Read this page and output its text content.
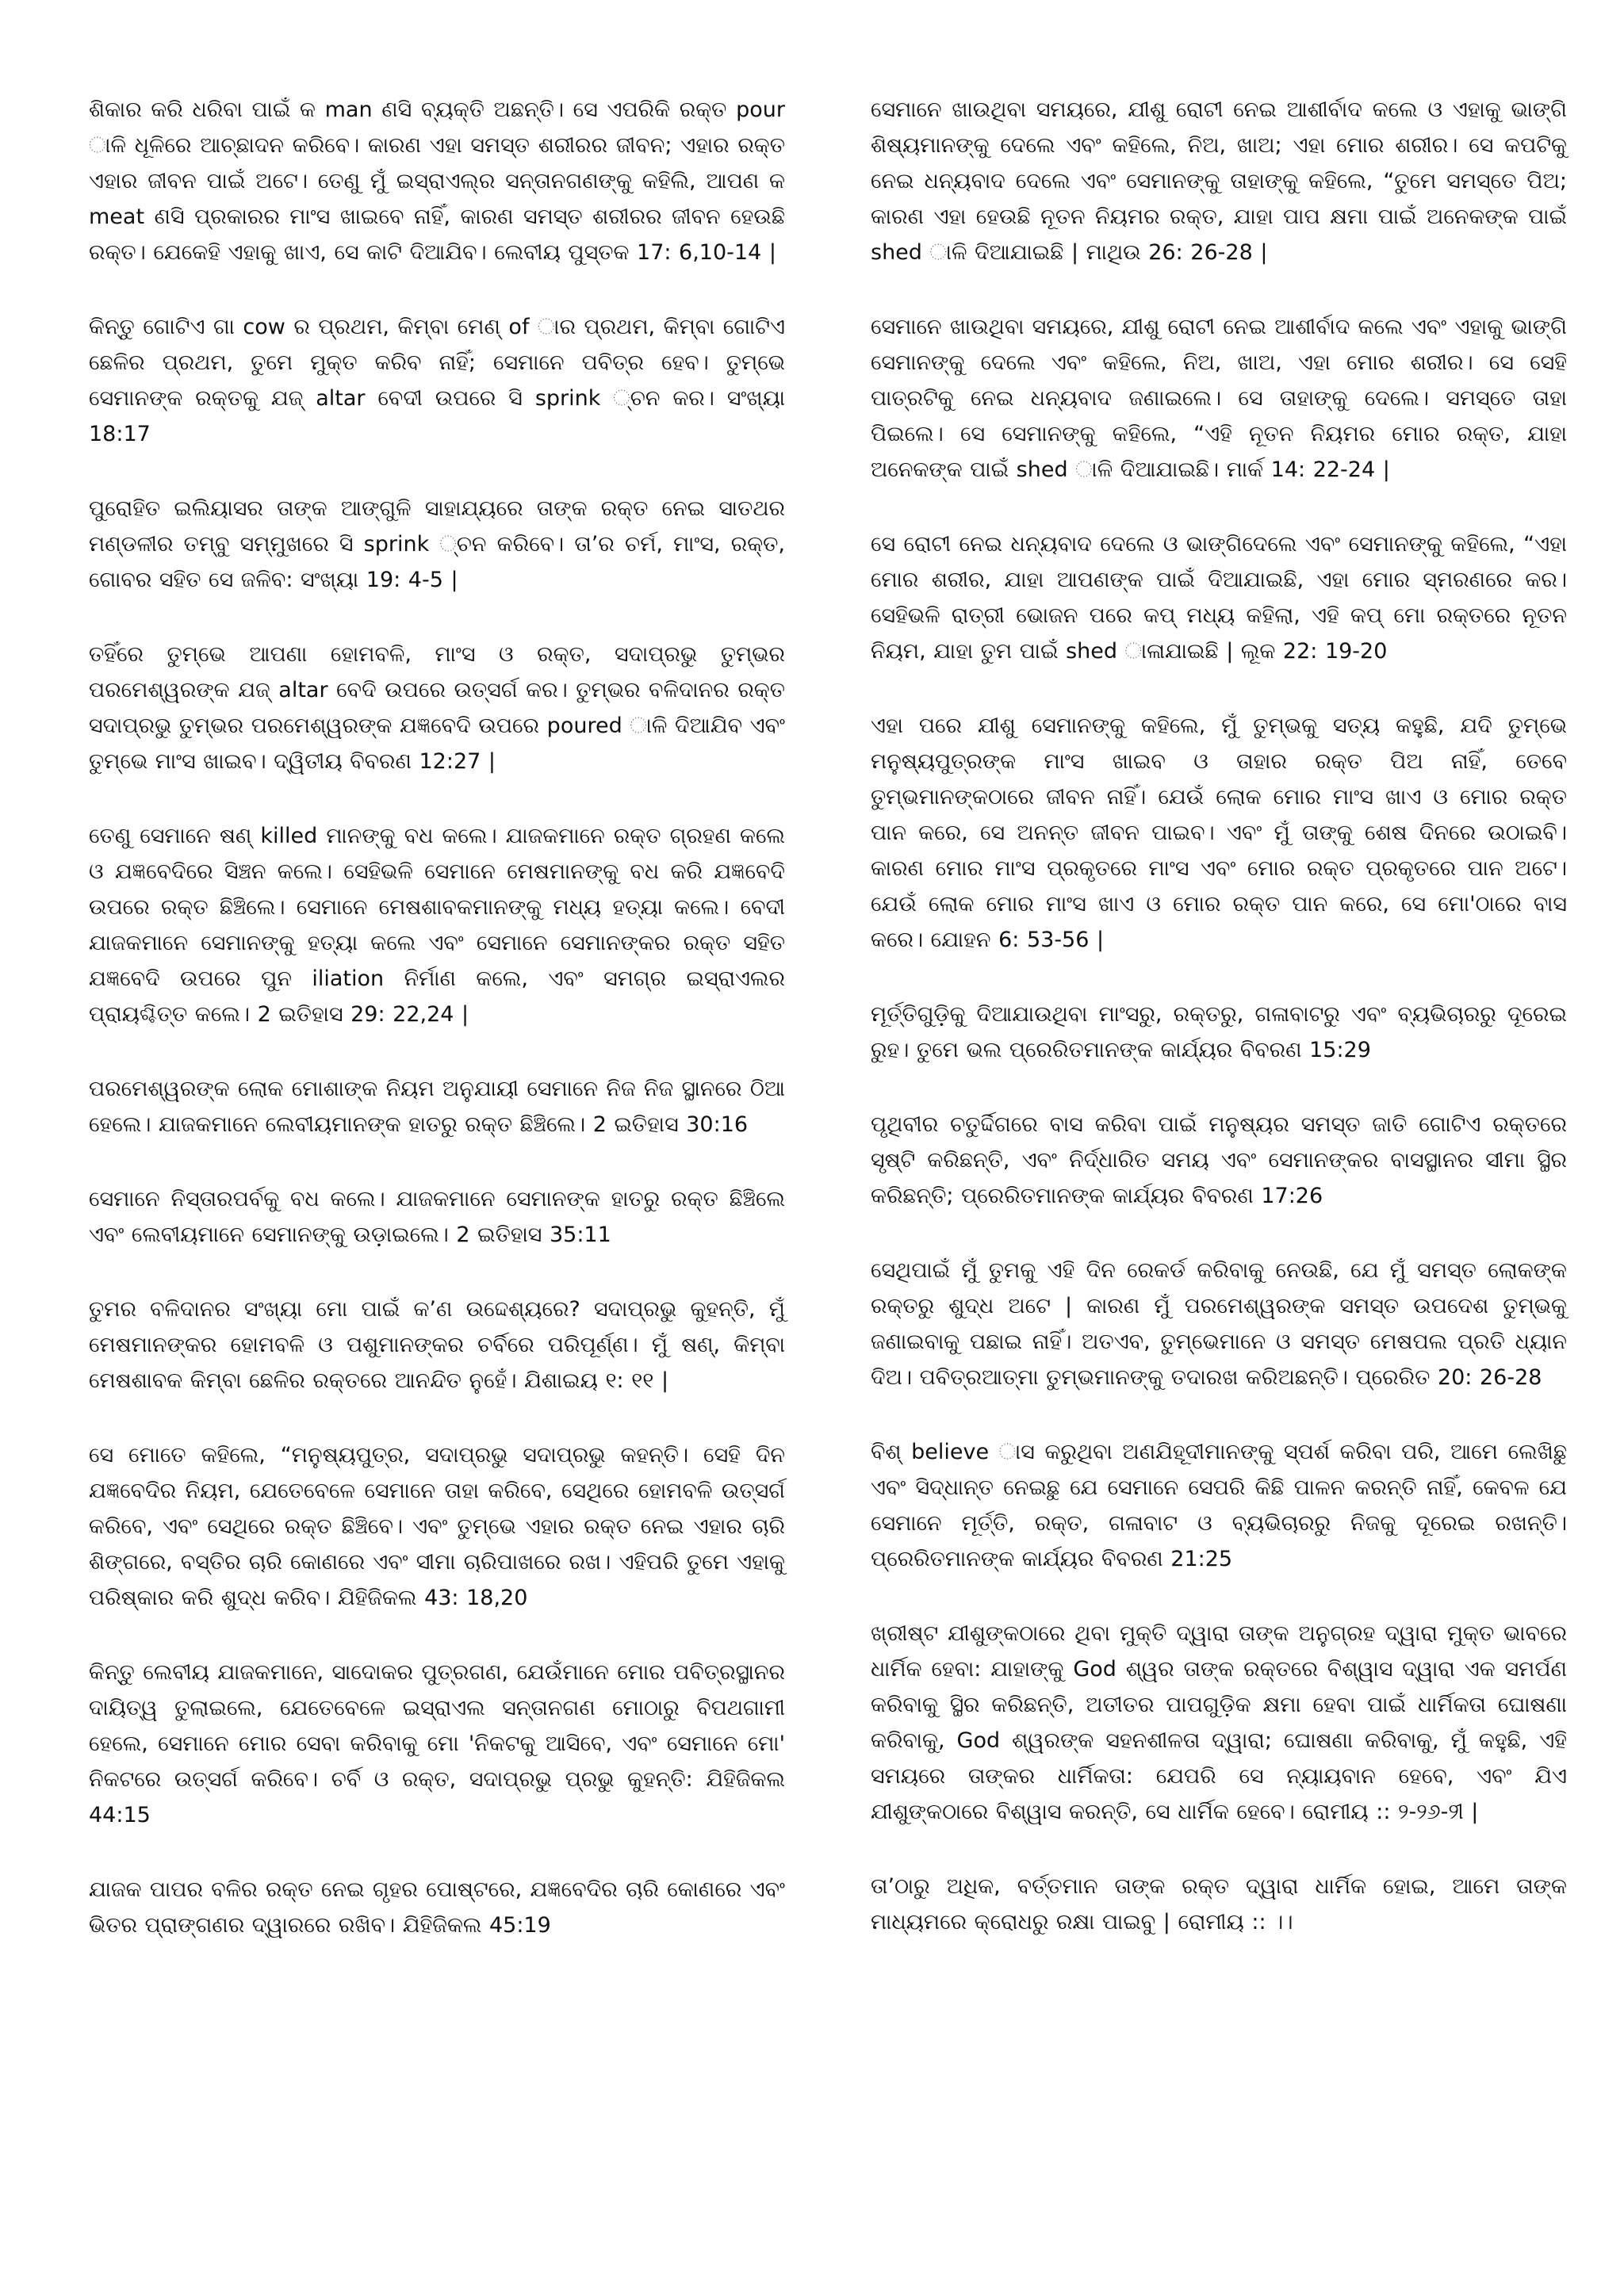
ଶିକାର କରି ଧରିବା ପାଇଁ କ man ଣସି ବ୍ୟକ୍ତି ଅଛନ୍ତି। ସେ ଏପରିକି ରକ୍ତ pour ାଳି ଧୂଳିରେ ଆଚ୍ଛାଦନ କରିବେ। କାରଣ ଏହା ସମସ୍ତ ଶରୀରର ଜୀବନ; ଏହାର ରକ୍ତ ଏହାର ଜୀବନ ପାଇଁ ଅଟେ। ତେଣୁ ମୁଁ ଇସ୍ରାଏଲ୍ର ସନ୍ତାନଗଣଙ୍କୁ କହିଲି, ଆପଣ କ meat ଣସି ପ୍ରକାରର ମାଂସ ଖାଇବେ ନାହିଁ, କାରଣ ସମସ୍ତ ଶରୀରର ଜୀବନ ହେଉଛି ରକ୍ତ। ଯେକେହି ଏହାକୁ ଖାଏ, ସେ କାଟି ଦିଆଯିବ। ଲେବୀୟ ପୁସ୍ତକ 17: 6,10-14 |

କିନ୍ତୁ ଗୋଟିଏ ଗା cow ର ପ୍ରଥମ, କିମ୍ବା ମେଣ୍ of ାର ପ୍ରଥମ, କିମ୍ବା ଗୋଟିଏ ଛେଳିର ପ୍ରଥମ, ତୁମେ ମୁକ୍ତ କରିବ ନାହିଁ; ସେମାନେ ପବିତ୍ର ହେବ। ତୁମ୍ଭେ ସେମାନଙ୍କ ରକ୍ତକୁ ଯଜ୍ altar ବେଦୀ ଉପରେ ସି sprink ୍ଚନ କର। ସଂଖ୍ୟା 18:17

ପୁରୋହିତ ଇଲିୟାସର ତାଙ୍କ ଆଙ୍ଗୁଳି ସାହାଯ୍ୟରେ ତାଙ୍କ ରକ୍ତ ନେଇ ସାତଥର ମଣ୍ଡଳୀର ତମ୍ବୁ ସମ୍ମୁଖରେ ସି sprink ୍ଚନ କରିବେ। ତା’ର ଚର୍ମ, ମାଂସ, ରକ୍ତ, ଗୋବର ସହିତ ସେ ଜଳିବ: ସଂଖ୍ୟା 19: 4-5 |

ତହିଁରେ ତୁମ୍ଭେ ଆପଣା ହୋମବଳି, ମାଂସ ଓ ରକ୍ତ, ସଦାପ୍ରଭୁ ତୁମ୍ଭର ପରମେଶ୍ୱରଙ୍କ ଯଜ୍ altar ବେଦି ଉପରେ ଉତ୍ସର୍ଗ କର। ତୁମ୍ଭର ବଳିଦାନର ରକ୍ତ ସଦାପ୍ରଭୁ ତୁମ୍ଭର ପରମେଶ୍ୱରଙ୍କ ଯଜ୍ଞବେଦି ଉପରେ poured ାଳି ଦିଆଯିବ ଏବଂ ତୁମ୍ଭେ ମାଂସ ଖାଇବ। ଦ୍ୱିତୀୟ ବିବରଣ 12:27 |

ତେଣୁ ସେମାନେ ଷଣ୍ killed ମାନଙ୍କୁ ବଧ କଲେ। ଯାଜକମାନେ ରକ୍ତ ଗ୍ରହଣ କଲେ ଓ ଯଜ୍ଞବେଦିରେ ସିଞ୍ଚନ କଲେ। ସେହିଭଳି ସେମାନେ ମେଷମାନଙ୍କୁ ବଧ କରି ଯଜ୍ଞବେଦି ଉପରେ ରକ୍ତ ଛିଞ୍ଚିଲେ। ସେମାନେ ମେଷଶାବକମାନଙ୍କୁ ମଧ୍ୟ ହତ୍ୟା କଲେ। ବେଦୀ ଯାଜକମାନେ ସେମାନଙ୍କୁ ହତ୍ୟା କଲେ ଏବଂ ସେମାନେ ସେମାନଙ୍କର ରକ୍ତ ସହିତ ଯଜ୍ଞବେଦି ଉପରେ ପୁନ iliation ନିର୍ମାଣ କଲେ, ଏବଂ ସମଗ୍ର ଇସ୍ରାଏଲର ପ୍ରାୟଶ୍ଚିତ୍ତ କଲେ। 2 ଇତିହାସ 29: 22,24 |

ପରମେଶ୍ୱରଙ୍କ ଲୋକ ମୋଶାଙ୍କ ନିୟମ ଅନୁଯାୟୀ ସେମାନେ ନିଜ ନିଜ ସ୍ଥାନରେ ଠିଆ ହେଲେ। ଯାଜକମାନେ ଲେବୀୟମାନଙ୍କ ହାତରୁ ରକ୍ତ ଛିଞ୍ଚିଲେ। 2 ଇତିହାସ 30:16

ସେମାନେ ନିସ୍ତାରପର୍ବକୁ ବଧ କଲେ। ଯାଜକମାନେ ସେମାନଙ୍କ ହାତରୁ ରକ୍ତ ଛିଞ୍ଚିଲେ ଏବଂ ଲେବୀୟମାନେ ସେମାନଙ୍କୁ ଉଡ଼ାଇଲେ। 2 ଇତିହାସ 35:11

ତୁମର ବଳିଦାନର ସଂଖ୍ୟା ମୋ ପାଇଁ କ’ଣ ଉଦ୍ଦେଶ୍ୟରେ? ସଦାପ୍ରଭୁ କୁହନ୍ତି, ମୁଁ ମେଷମାନଙ୍କର ହୋମବଳି ଓ ପଶୁମାନଙ୍କର ଚର୍ବିରେ ପରିପୂର୍ଣ୍ଣ। ମୁଁ ଷଣ୍, କିମ୍ବା ମେଷଶାବକ କିମ୍ବା ଛେଳିର ରକ୍ତରେ ଆନନ୍ଦିତ ନୁହେଁ। ଯିଶାଇୟ ୧: ୧୧ |

ସେ ମୋତେ କହିଲେ, “ମନୁଷ୍ୟପୁତ୍ର, ସଦାପ୍ରଭୁ ସଦାପ୍ରଭୁ କହନ୍ତି। ସେହି ଦିନ ଯଜ୍ଞବେଦିର ନିୟମ, ଯେତେବେଳେ ସେମାନେ ତାହା କରିବେ, ସେଥିରେ ହୋମବଳି ଉତ୍ସର୍ଗ କରିବେ, ଏବଂ ସେଥିରେ ରକ୍ତ ଛିଞ୍ଚିବେ। ଏବଂ ତୁମ୍ଭେ ଏହାର ରକ୍ତ ନେଇ ଏହାର ଚାରି ଶିଙ୍ଗରେ, ବସ୍ତିର ଚାରି କୋଣରେ ଏବଂ ସୀମା ଚାରିପାଖରେ ରଖ। ଏହିପରି ତୁମେ ଏହାକୁ ପରିଷ୍କାର କରି ଶୁଦ୍ଧ କରିବ। ଯିହିଜିକଲ 43: 18,20

କିନ୍ତୁ ଲେବୀୟ ଯାଜକମାନେ, ସାଦୋକର ପୁତ୍ରଗଣ, ଯେଉଁମାନେ ମୋର ପବିତ୍ରସ୍ଥାନର ଦାୟିତ୍ୱ ତୁଲାଇଲେ, ଯେତେବେଳେ ଇସ୍ରାଏଲ ସନ୍ତାନଗଣ ମୋଠାରୁ ବିପଥଗାମୀ ହେଲେ, ସେମାନେ ମୋର ସେବା କରିବାକୁ ମୋ 'ନିକଟକୁ ଆସିବେ, ଏବଂ ସେମାନେ ମୋ' ନିକଟରେ ଉତ୍ସର୍ଗ କରିବେ। ଚର୍ବି ଓ ରକ୍ତ, ସଦାପ୍ରଭୁ ପ୍ରଭୁ କୁହନ୍ତି: ଯିହିଜିକଲ 44:15

ଯାଜକ ପାପର ବଳିର ରକ୍ତ ନେଇ ଗୃହର ପୋଷ୍ଟରେ, ଯଜ୍ଞବେଦିର ଚାରି କୋଣରେ ଏବଂ ଭିତର ପ୍ରାଙ୍ଗଣର ଦ୍ୱାରରେ ରଖିବ। ଯିହିଜିକଲ 45:19

ସେମାନେ ଖାଉଥିବା ସମୟରେ, ଯୀଶୁ ରୋଟୀ ନେଇ ଆଶୀର୍ବାଦ କଲେ ଓ ଏହାକୁ ଭାଙ୍ଗି ଶିଷ୍ୟମାନଙ୍କୁ ଦେଲେ ଏବଂ କହିଲେ, ନିଅ, ଖାଅ; ଏହା ମୋର ଶରୀର। ସେ କପଟିକୁ ନେଇ ଧନ୍ୟବାଦ ଦେଲେ ଏବଂ ସେମାନଙ୍କୁ ତାହାଙ୍କୁ କହିଲେ, “ତୁମେ ସମସ୍ତେ ପିଅ; କାରଣ ଏହା ହେଉଛି ନୂତନ ନିୟମର ରକ୍ତ, ଯାହା ପାପ କ୍ଷମା ପାଇଁ ଅନେକଙ୍କ ପାଇଁ shed ାଳି ଦିଆଯାଇଛି | ମାଥିଉ 26: 26-28 |

ସେମାନେ ଖାଉଥିବା ସମୟରେ, ଯୀଶୁ ରୋଟୀ ନେଇ ଆଶୀର୍ବାଦ କଲେ ଏବଂ ଏହାକୁ ଭାଙ୍ଗି ସେମାନଙ୍କୁ ଦେଲେ ଏବଂ କହିଲେ, ନିଅ, ଖାଅ, ଏହା ମୋର ଶରୀର। ସେ ସେହି ପାତ୍ରଟିକୁ ନେଇ ଧନ୍ୟବାଦ ଜଣାଇଲେ। ସେ ତାହାଙ୍କୁ ଦେଲେ। ସମସ୍ତେ ତାହା ପିଇଲେ। ସେ ସେମାନଙ୍କୁ କହିଲେ, “ଏହି ନୂତନ ନିୟମର ମୋର ରକ୍ତ, ଯାହା ଅନେକଙ୍କ ପାଇଁ shed ାଳି ଦିଆଯାଇଛି। ମାର୍କ 14: 22-24 |

ସେ ରୋଟୀ ନେଇ ଧନ୍ୟବାଦ ଦେଲେ ଓ ଭାଙ୍ଗିଦେଲେ ଏବଂ ସେମାନଙ୍କୁ କହିଲେ, “ଏହା ମୋର ଶରୀର, ଯାହା ଆପଣଙ୍କ ପାଇଁ ଦିଆଯାଇଛି, ଏହା ମୋର ସ୍ମରଣରେ କର। ସେହିଭଳି ରାତ୍ରୀ ଭୋଜନ ପରେ କପ୍ ମଧ୍ୟ କହିଲା, ଏହି କପ୍ ମୋ ରକ୍ତରେ ନୂତନ ନିୟମ, ଯାହା ତୁମ ପାଇଁ shed ାଳାଯାଇଛି | ଲୂକ 22: 19-20

ଏହା ପରେ ଯୀଶୁ ସେମାନଙ୍କୁ କହିଲେ, ମୁଁ ତୁମ୍ଭକୁ ସତ୍ୟ କହୁଛି, ଯଦି ତୁମ୍ଭେ ମନୁଷ୍ୟପୁତ୍ରଙ୍କ ମାଂସ ଖାଇବ ଓ ତାହାର ରକ୍ତ ପିଅ ନାହିଁ, ତେବେ ତୁମ୍ଭମାନଙ୍କଠାରେ ଜୀବନ ନାହିଁ। ଯେଉଁ ଲୋକ ମୋର ମାଂସ ଖାଏ ଓ ମୋର ରକ୍ତ ପାନ କରେ, ସେ ଅନନ୍ତ ଜୀବନ ପାଇବ। ଏବଂ ମୁଁ ତାଙ୍କୁ ଶେଷ ଦିନରେ ଉଠାଇବି। କାରଣ ମୋର ମାଂସ ପ୍ରକୃତରେ ମାଂସ ଏବଂ ମୋର ରକ୍ତ ପ୍ରକୃତରେ ପାନ ଅଟେ। ଯେଉଁ ଲୋକ ମୋର ମାଂସ ଖାଏ ଓ ମୋର ରକ୍ତ ପାନ କରେ, ସେ ମୋ'ଠାରେ ବାସ କରେ। ଯୋହନ 6: 53-56 |

ମୂର୍ତ୍ତିଗୁଡ଼ିକୁ ଦିଆଯାଉଥିବା ମାଂସରୁ, ରକ୍ତରୁ, ଗଳାବାଟରୁ ଏବଂ ବ୍ୟଭିଚାରରୁ ଦୂରେଇ ରୁହ। ତୁମେ ଭଲ ପ୍ରେରିତମାନଙ୍କ କାର୍ଯ୍ୟର ବିବରଣ 15:29

ପୃଥିବୀର ଚତୁର୍ଦ୍ଦିଗରେ ବାସ କରିବା ପାଇଁ ମନୁଷ୍ୟର ସମସ୍ତ ଜାତି ଗୋଟିଏ ରକ୍ତରେ ସୃଷ୍ଟି କରିଛନ୍ତି, ଏବଂ ନିର୍ଦ୍ଧାରିତ ସମୟ ଏବଂ ସେମାନଙ୍କର ବାସସ୍ଥାନର ସୀମା ସ୍ଥିର କରିଛନ୍ତି; ପ୍ରେରିତମାନଙ୍କ କାର୍ଯ୍ୟର ବିବରଣ 17:26

ସେଥିପାଇଁ ମୁଁ ତୁମକୁ ଏହି ଦିନ ରେକର୍ଡ କରିବାକୁ ନେଉଛି, ଯେ ମୁଁ ସମସ୍ତ ଲୋକଙ୍କ ରକ୍ତରୁ ଶୁଦ୍ଧ ଅଟେ | କାରଣ ମୁଁ ପରମେଶ୍ୱରଙ୍କ ସମସ୍ତ ଉପଦେଶ ତୁମ୍ଭକୁ ଜଣାଇବାକୁ ପଛାଇ ନାହିଁ। ଅତଏବ, ତୁମ୍ଭେମାନେ ଓ ସମସ୍ତ ମେଷପଲ ପ୍ରତି ଧ୍ୟାନ ଦିଅ। ପବିତ୍ରଆତ୍ମା ତୁମ୍ଭମାନଙ୍କୁ ତଦାରଖ କରିଅଛନ୍ତି। ପ୍ରେରିତ 20: 26-28

ବିଶ୍ believe ାସ କରୁଥିବା ଅଣଯିହୂଦୀମାନଙ୍କୁ ସ୍ପର୍ଶ କରିବା ପରି, ଆମେ ଲେଖିଛୁ ଏବଂ ସିଦ୍ଧାନ୍ତ ନେଇଛୁ ଯେ ସେମାନେ ସେପରି କିଛି ପାଳନ କରନ୍ତି ନାହିଁ, କେବଳ ଯେ ସେମାନେ ମୂର୍ତ୍ତି, ରକ୍ତ, ଗଳାବାଟ ଓ ବ୍ୟଭିଚାରରୁ ନିଜକୁ ଦୂରେଇ ରଖନ୍ତି। ପ୍ରେରିତମାନଙ୍କ କାର୍ଯ୍ୟର ବିବରଣ 21:25

ଖ୍ରୀଷ୍ଟ ଯୀଶୁଙ୍କଠାରେ ଥିବା ମୁକ୍ତି ଦ୍ୱାରା ତାଙ୍କ ଅନୁଗ୍ରହ ଦ୍ୱାରା ମୁକ୍ତ ଭାବରେ ଧାର୍ମିକ ହେବା: ଯାହାଙ୍କୁ God ଶ୍ୱର ତାଙ୍କ ରକ୍ତରେ ବିଶ୍ୱାସ ଦ୍ୱାରା ଏକ ସମର୍ପଣ କରିବାକୁ ସ୍ଥିର କରିଛନ୍ତି, ଅତୀତର ପାପଗୁଡ଼ିକ କ୍ଷମା ହେବା ପାଇଁ ଧାର୍ମିକତା ଘୋଷଣା କରିବାକୁ, God ଶ୍ୱରଙ୍କ ସହନଶୀଳତା ଦ୍ୱାରା; ଘୋଷଣା କରିବାକୁ, ମୁଁ କହୁଛି, ଏହି ସମୟରେ ତାଙ୍କର ଧାର୍ମିକତା: ଯେପରି ସେ ନ୍ୟାୟବାନ ହେବେ, ଏବଂ ଯିଏ ଯୀଶୁଙ୍କଠାରେ ବିଶ୍ୱାସ କରନ୍ତି, ସେ ଧାର୍ମିକ ହେବେ। ରୋମୀୟ :: ୨-୨୬-୨ୀ |

ତା’ଠାରୁ ଅଧିକ, ବର୍ତ୍ତମାନ ତାଙ୍କ ରକ୍ତ ଦ୍ୱାରା ଧାର୍ମିକ ହୋଇ, ଆମେ ତାଙ୍କ ମାଧ୍ୟମରେ କ୍ରୋଧରୁ ରକ୍ଷା ପାଇବୁ | ରୋମୀୟ :: ।।
